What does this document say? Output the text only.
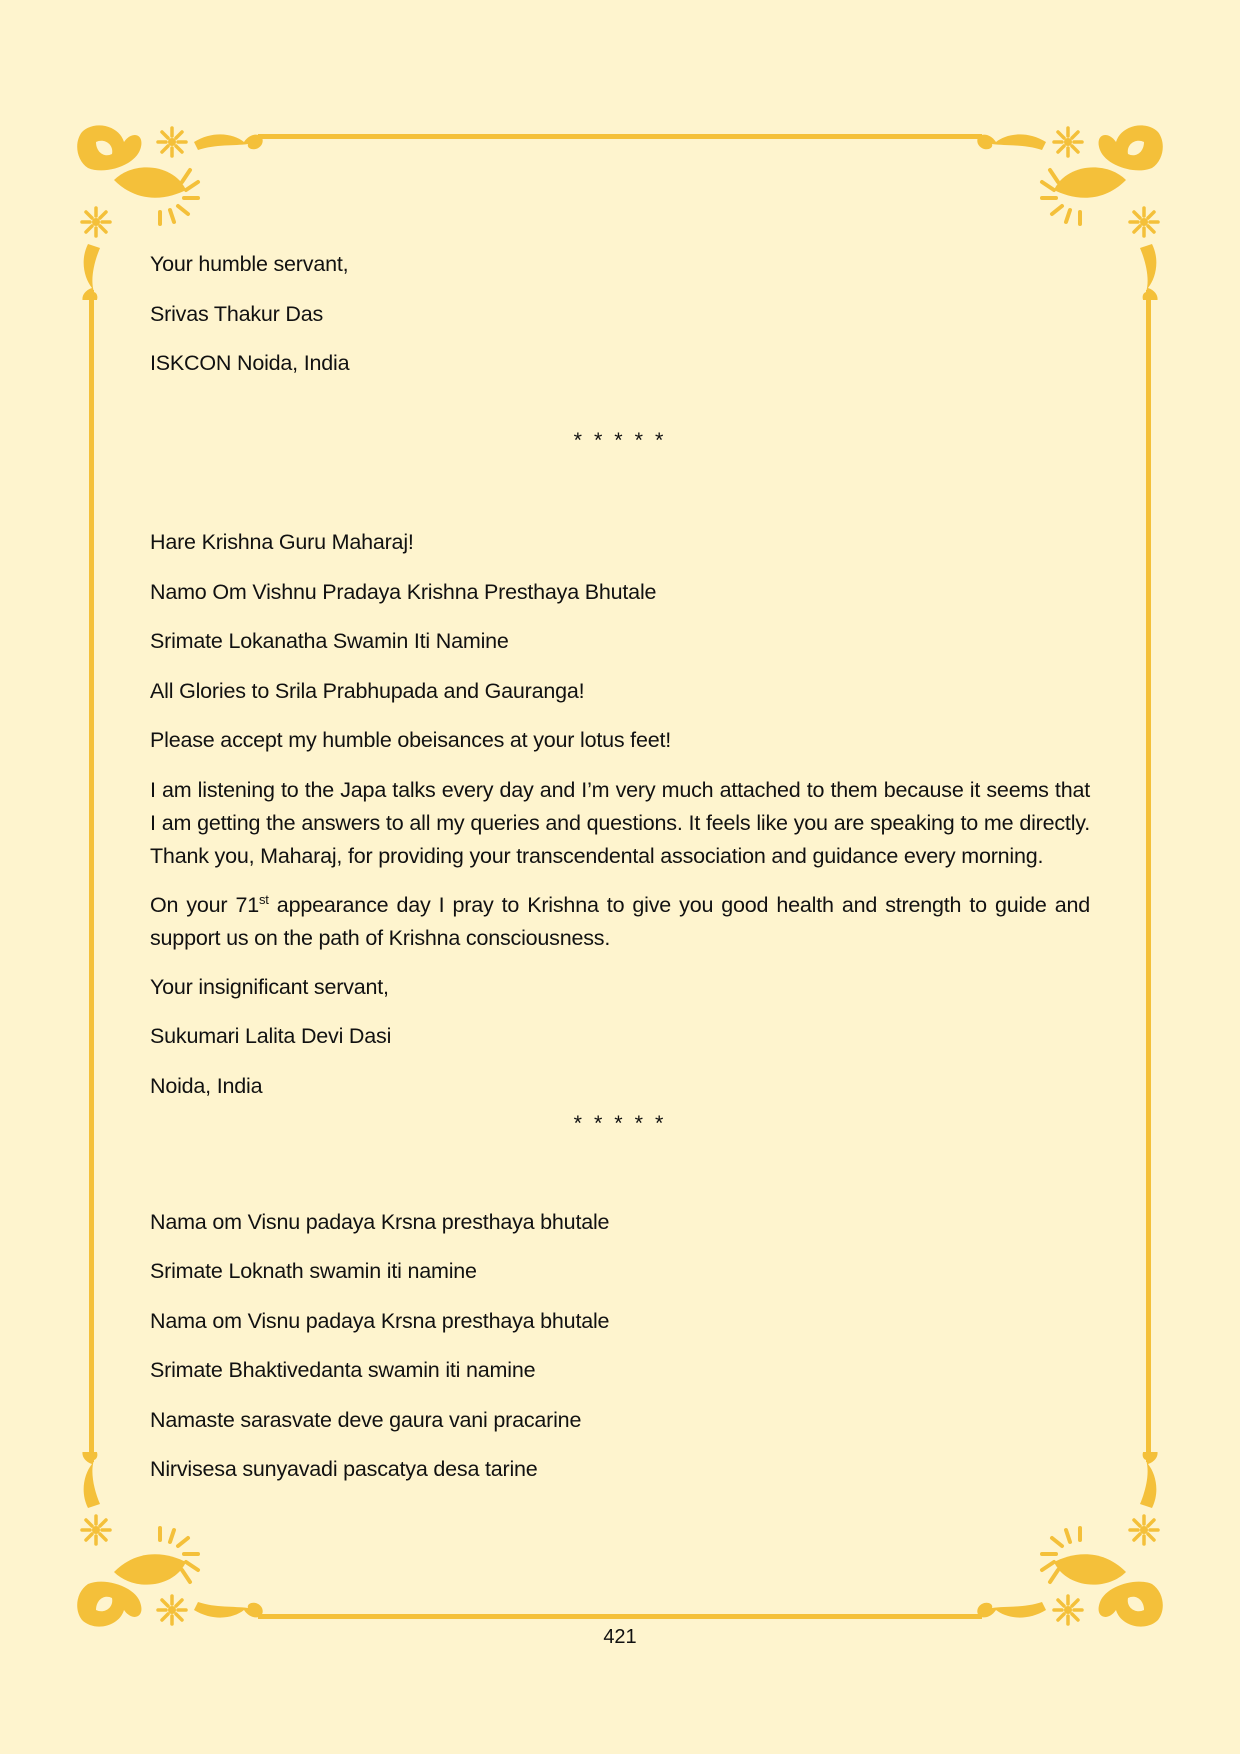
Your humble servant,

Srivas Thakur Das

ISKCON Noida, India

* * * * *

Hare Krishna Guru Maharaj!

Namo Om Vishnu Pradaya Krishna Presthaya Bhutale

Srimate Lokanatha Swamin Iti Namine

All Glories to Srila Prabhupada and Gauranga!

Please accept my humble obeisances at your lotus feet!

I am listening to the Japa talks every day and I’m very much attached to them because it seems that I am getting the answers to all my queries and questions. It feels like you are speaking to me directly. Thank you, Maharaj, for providing your transcendental association and guidance every morning.

On your 71st appearance day I pray to Krishna to give you good health and strength to guide and support us on the path of Krishna consciousness.

Your insignificant servant,

Sukumari Lalita Devi Dasi

Noida, India

* * * * *

Nama om Visnu padaya Krsna presthaya bhutale

Srimate Loknath swamin iti namine

Nama om Visnu padaya Krsna presthaya bhutale

Srimate Bhaktivedanta swamin iti namine

Namaste sarasvate deve gaura vani pracarine

Nirvisesa sunyavadi pascatya desa tarine

421
